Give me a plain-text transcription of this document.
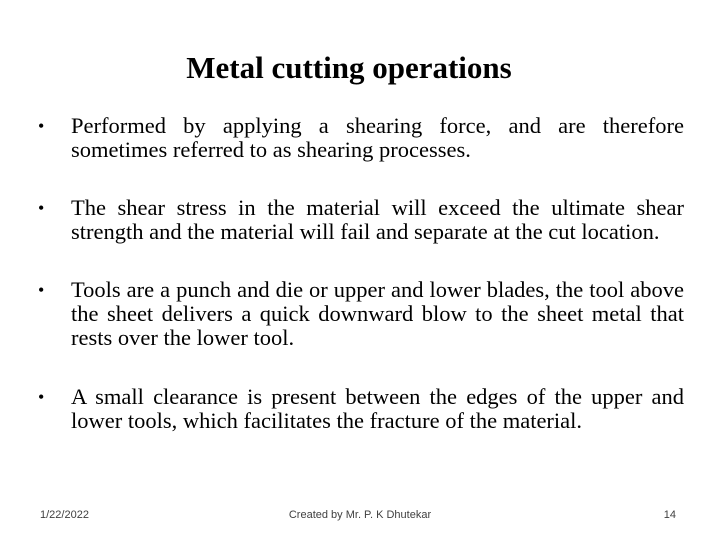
Metal cutting operations
•	Performed by applying a shearing force, and are therefore sometimes referred to as shearing processes.
•	The shear stress in the material will exceed the ultimate shear strength and the material will fail and separate at the cut location.
•	Tools are a punch and die or upper and lower blades, the tool above the sheet delivers a quick downward blow to the sheet metal that rests over the lower tool.
•	A small clearance is present between the edges of the upper and lower tools, which facilitates the fracture of the material.
1/22/2022	Created by Mr. P. K Dhutekar	14
